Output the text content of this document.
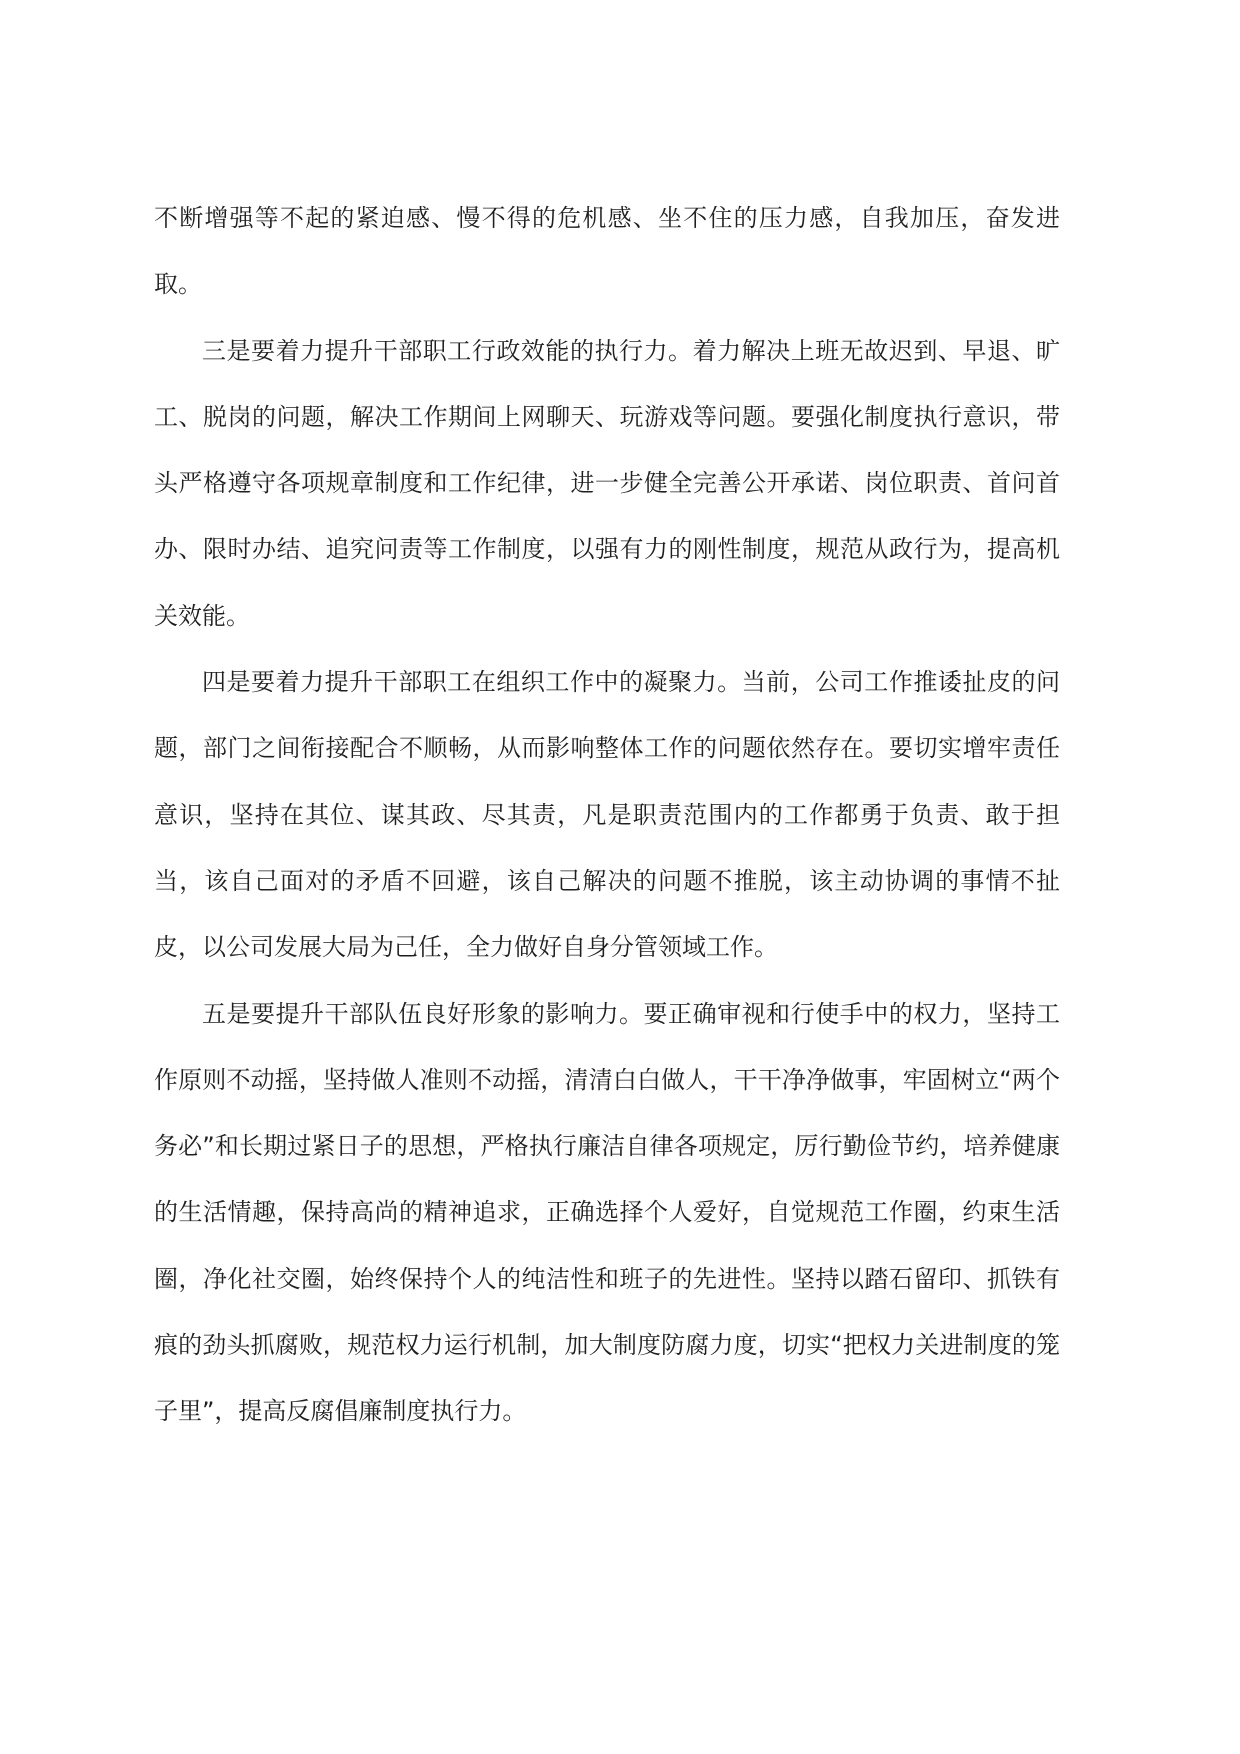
不断增强等不起的紧迫感、慢不得的危机感、坐不住的压力感，自我加压，奋发进取。

三是要着力提升干部职工行政效能的执行力。着力解决上班无故迟到、早退、旷工、脱岗的问题，解决工作期间上网聊天、玩游戏等问题。要强化制度执行意识，带头严格遵守各项规章制度和工作纪律，进一步健全完善公开承诺、岗位职责、首问首办、限时办结、追究问责等工作制度，以强有力的刚性制度，规范从政行为，提高机关效能。

四是要着力提升干部职工在组织工作中的凝聚力。当前，公司工作推诿扯皮的问题，部门之间衔接配合不顺畅，从而影响整体工作的问题依然存在。要切实增牢责任意识，坚持在其位、谋其政、尽其责，凡是职责范围内的工作都勇于负责、敢于担当，该自己面对的矛盾不回避，该自己解决的问题不推脱，该主动协调的事情不扯皮，以公司发展大局为己任，全力做好自身分管领域工作。

五是要提升干部队伍良好形象的影响力。要正确审视和行使手中的权力，坚持工作原则不动摇，坚持做人准则不动摇，清清白白做人，干干净净做事，牢固树立“两个务必”和长期过紧日子的思想，严格执行廉洁自律各项规定，厉行勤俭节约，培养健康的生活情趣，保持高尚的精神追求，正确选择个人爱好，自觉规范工作圈，约束生活圈，净化社交圈，始终保持个人的纯洁性和班子的先进性。坚持以踏石留印、抓铁有痕的劲头抓腐败，规范权力运行机制，加大制度防腐力度，切实“把权力关进制度的笼子里”，提高反腐倡廉制度执行力。
